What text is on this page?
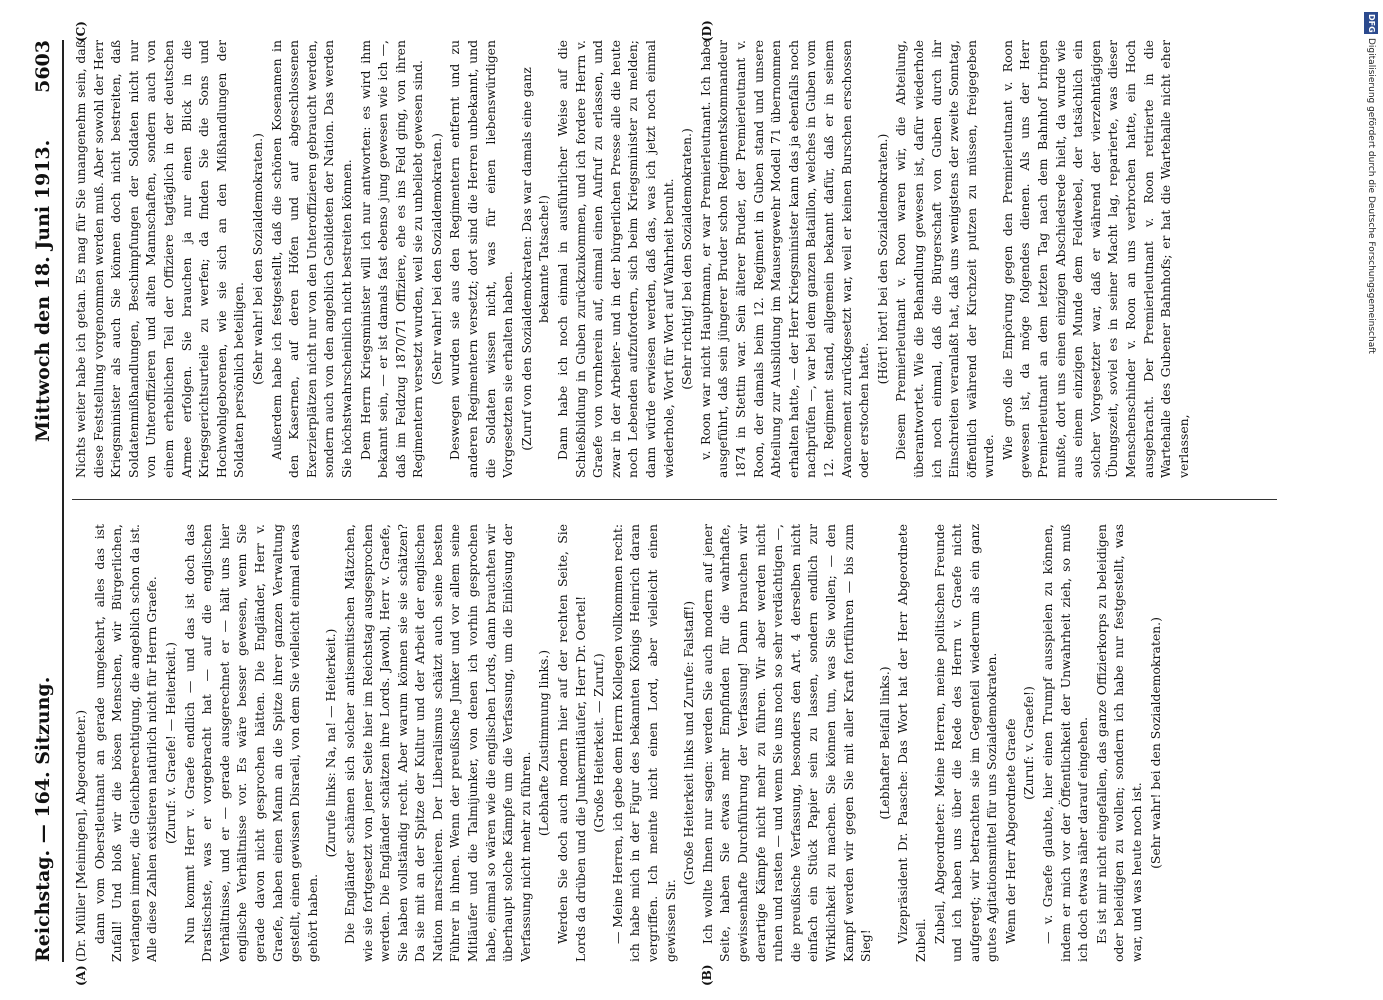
Reichstag. — 164. Sitzung.
Mittwoch den 18. Juni 1913.
5603
(A)	(B)
(C)	(D)

(Dr. Müller [Meiningen], Abgeordneter.) dann vom Oberstleutnant an gerade umgekehrt, alles das ist Zufall! Und bloß wir die bösen Menschen, wir Bürgerlichen, verlangen immer, die Gleichberechtigung, die angeblich schon da ist. Alle diese Zahlen existieren natürlich nicht für Herrn Graefe. (Zuruf: v. Graefe! — Heiterkeit.) Nun kommt Herr v. Graefe endlich — und das ist doch das Drastischste, was er vorgebracht hat — auf die englischen Verhältnisse, und er — gerade ausgerechnet er — hält uns hier englische Verhältnisse vor. Es wäre besser gewesen, wenn Sie gerade davon nicht gesprochen hätten. Die Engländer, Herr v. Graefe, haben einen Mann an die Spitze ihrer ganzen Verwaltung gestellt, einen gewissen Disraeli, von dem Sie vielleicht einmal etwas gehört haben.

(Zurufe links: Na, na! — Heiterkeit.) Die Engländer schämen sich solcher antisemitischen Mätzchen, wie sie fortgesetzt von jener Seite hier im Reichstag ausgesprochen werden. Die Engländer schätzen ihre Lords. Jawohl, Herr v. Graefe, Sie haben vollständig recht. Aber warum können sie sie schätzen? Da sie mit an der Spitze der Kultur und der Arbeit der englischen Nation marschieren. Der Liberalismus schätzt auch seine besten Führer in ihnen. Wenn der preußische Junker und vor allem seine Mitläufer und die Talmijunker, von denen ich vorhin gesprochen habe, einmal so wären wie die englischen Lords, dann brauchten wir überhaupt solche Kämpfe um die Verfassung, um die Einlösung der Verfassung nicht mehr zu führen.

(Lebhafte Zustimmung links.) Werden Sie doch auch modern hier auf der rechten Seite, Sie Lords da drüben und die Junkermitläufer, Herr Dr. Oertel! (Große Heiterkeit. — Zuruf.) — Meine Herren, ich gebe dem Herrn Kollegen vollkommen recht: ich habe mich in der Figur des bekannten Königs Heinrich daran vergriffen. Ich meinte nicht einen Lord, aber vielleicht einen gewissen Sir.

(Große Heiterkeit links und Zurufe: Falstaff!) Ich wollte Ihnen nur sagen: werden Sie auch modern auf jener Seite, haben Sie etwas mehr Empfinden für die wahrhafte, gewissenhafte Durchführung der Verfassung! Dann brauchen wir derartige Kämpfe nicht mehr zu führen. Wir aber werden nicht ruhen und rasten — und wenn Sie uns noch so sehr verdächtigen —, die preußische Verfassung, besonders den Art. 4 derselben nicht einfach ein Stück Papier sein zu lassen, sondern endlich zur Wirklichkeit zu machen. Sie können tun, was Sie wollen; — den Kampf werden wir gegen Sie mit aller Kraft fortführen — bis zum Sieg!

(Lebhafter Beifall links.) Vizepräsident Dr. Paasche: Das Wort hat der Herr Abgeordnete Zubeil. Zubeil, Abgeordneter: Meine Herren, meine politischen Freunde und ich haben uns über die Rede des Herrn v. Graefe nicht aufgeregt; wir betrachten sie im Gegenteil wiederum als ein ganz gutes Agitationsmittel für uns Sozialdemokraten. Wenn der Herr Abgeordnete Graefe (Zuruf: v. Graefe!) — v. Graefe glaubte, hier einen Trumpf ausspielen zu können, indem er mich vor der Öffentlichkeit der Unwahrheit zieh, so muß ich doch etwas näher darauf eingehen. Es ist mir nicht eingefallen, das ganze Offizierkorps zu beleidigen oder beleidigen zu wollen; sondern ich habe nur festgestellt, was war, und was heute noch ist.

(Sehr wahr! bei den Sozialdemokraten.)

Nichts weiter habe ich getan. Es mag für Sie unangenehm sein, daß diese Feststellung vorgenommen werden muß. Aber sowohl der Herr Kriegsminister als auch Sie können doch nicht bestreiten, daß Soldatenmißhandlungen, Beschimpfungen der Soldaten nicht nur von Unteroffizieren und alten Mannschaften, sondern auch von einem erheblichen Teil der Offiziere tagtäglich in der deutschen Armee erfolgen. Sie brauchen ja nur einen Blick in die Kriegsgerichtsurteile zu werfen; da finden Sie die Sons und Hochwohlgeborenen, wie sie sich an den Mißhandlungen der Soldaten persönlich beteiligen. (Sehr wahr! bei den Sozialdemokraten.) Außerdem habe ich festgestellt, daß die schönen Kosenamen in den Kasernen, auf deren Höfen und auf abgeschlossenen Exerzierplätzen nicht nur von den Unteroffizieren gebraucht werden, sondern auch von den angeblich Gebildeten der Nation. Das werden Sie höchstwahrscheinlich nicht bestreiten können. Dem Herrn Kriegsminister will ich nur antworten: es wird ihm bekannt sein, — er ist damals fast ebenso jung gewesen wie ich —, daß im Feldzug 1870/71 Offiziere, ehe es ins Feld ging, von ihren Regimentern versetzt wurden, weil sie zu unbeliebt gewesen sind. (Sehr wahr! bei den Sozialdemokraten.) Deswegen wurden sie aus den Regimentern entfernt und zu anderen Regimentern versetzt; dort sind die Herren unbekannt, und die Soldaten wissen nicht, was für einen liebenswürdigen Vorgesetzten sie erhalten haben. (Zuruf von den Sozialdemokraten: Das war damals eine ganz bekannte Tatsache!) Dann habe ich noch einmal in ausführlicher Weise auf die Schießbildung in Guben zurückzukommen, und ich fordere Herrn v. Graefe von vornherein auf, einmal einen Aufruf zu erlassen, und zwar in der Arbeiter- und in der bürgerlichen Presse alle die heute noch Lebenden aufzufordern, sich beim Kriegsminister zu melden; dann würde erwiesen werden, daß das, was ich jetzt noch einmal wiederhole, Wort für Wort auf Wahrheit beruht. (Sehr richtig! bei den Sozialdemokraten.) v. Roon war nicht Hauptmann, er war Premierleutnant. Ich habe ausgeführt, daß sein jüngerer Bruder schon Regimentskommandeur 1874 in Stettin war. Sein älterer Bruder, der Premierleutnant v. Roon, der damals beim 12. Regiment in Guben stand und unsere Abteilung zur Ausbildung im Mausergewehr Modell 71 übernommen erhalten hatte, — der Herr Kriegsminister kann das ja ebenfalls noch nachprüfen —, war bei dem ganzen Bataillon, welches in Guben vom 12. Regiment stand, allgemein bekannt dafür, daß er in seinem Avancement zurückgesetzt war, weil er keinen Burschen erschossen oder erstochen hatte.

(Hört! hört! bei den Sozialdemokraten.) Diesem Premierleutnant v. Roon waren wir, die Abteilung, überantwortet. Wie die Behandlung gewesen ist, dafür wiederhole ich noch einmal, daß die Bürgerschaft von Guben durch ihr Einschreiten veranlaßt hat, daß uns wenigstens der zweite Sonntag, öffentlich während der Kirchzeit putzen zu müssen, freigegeben wurde. Wie groß die Empörung gegen den Premierleutnant v. Roon gewesen ist, da möge folgendes dienen. Als uns der Herr Premierleutnant an dem letzten Tag nach dem Bahnhof bringen mußte, dort uns einen einzigen Abschiedsrede hielt, da wurde wie aus einem einzigen Munde dem Feldwebel, der tatsächlich ein solcher Vorgesetzter war, daß er während der vierzehntägigen Übungszeit, soviel es in seiner Macht lag, reparierte, was dieser Menschenschinder v. Roon an uns verbrochen hatte, ein Hoch ausgebracht. Der Premierleutnant v. Roon retirierte in die Wartehalle des Gubener Bahnhofs; er hat die Wartehalle nicht eher verlassen,

DFG
Digitalisierung gefördert durch die Deutsche Forschungsgemeinschaft
